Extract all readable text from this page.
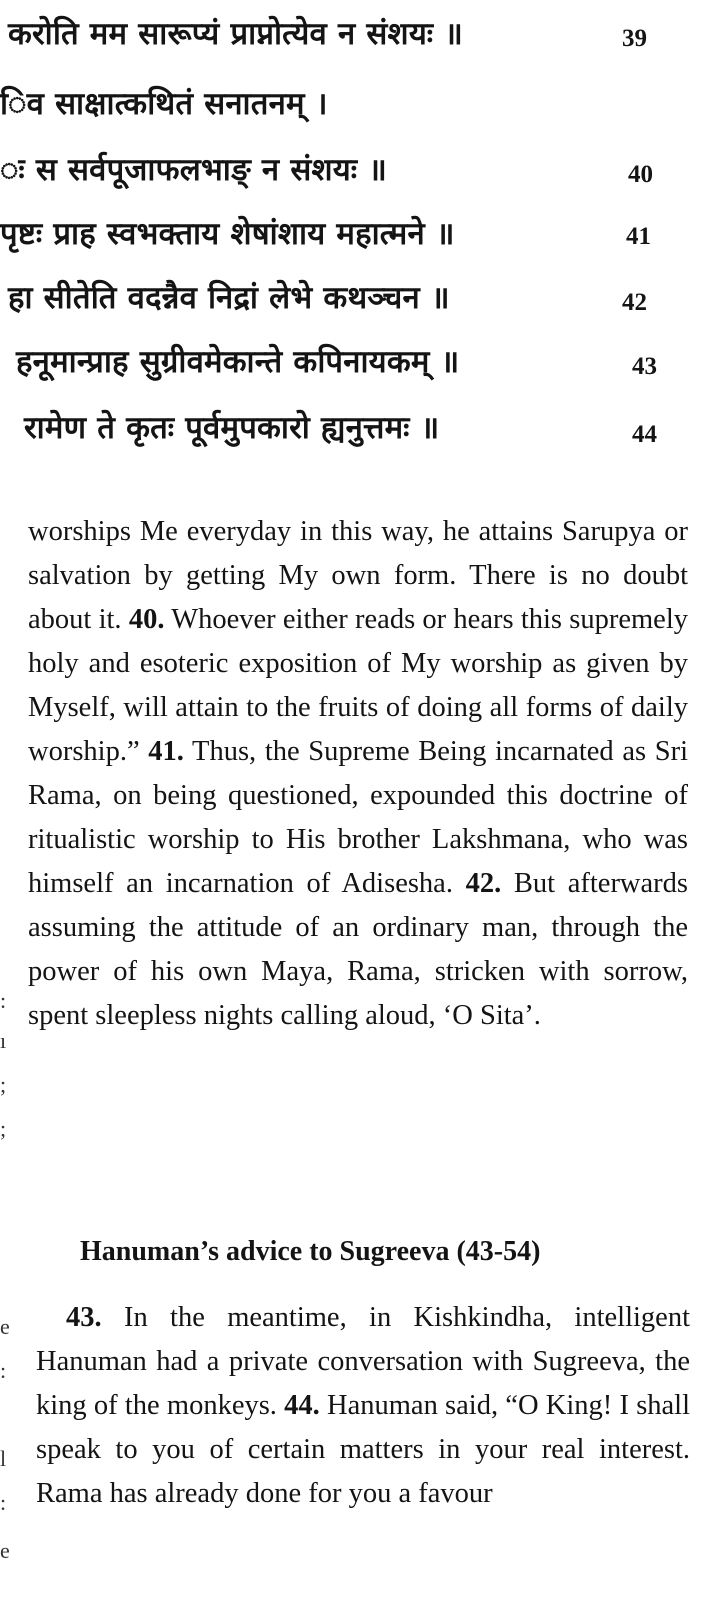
करोति मम सारूप्यं प्राप्नोत्येव न संशयः ॥	39
िव साक्षात्कथितं सनातनम् ।
ः स सर्वपूजाफलभाङ् न संशयः ॥	40
पृष्टः प्राह स्वभक्ताय शेषांशाय महात्मने ॥	41
हा सीतेति वदन्नैव निद्रां लेभे कथञ्चन ॥	42
हनूमान्प्राह सुग्रीवमेकान्ते कपिनायकम् ॥	43
रामेण ते कृतः पूर्वमुपकारो ह्यनुत्तमः ॥	44
worships Me everyday in this way, he attains Sarupya or salvation by getting My own form. There is no doubt about it. 40. Whoever either reads or hears this supremely holy and esoteric exposition of My worship as given by Myself, will attain to the fruits of doing all forms of daily worship.” 41. Thus, the Supreme Being incarnated as Sri Rama, on being questioned, expounded this doctrine of ritualistic worship to His brother Lakshmana, who was himself an incarnation of Adisesha. 42. But afterwards assuming the attitude of an ordinary man, through the power of his own Maya, Rama, stricken with sorrow, spent sleepless nights calling aloud, ‘O Sita’.
Hanuman’s advice to Sugreeva (43-54)
43. In the meantime, in Kishkindha, intelligent Hanuman had a private conversation with Sugreeva, the king of the monkeys. 44. Hanuman said, “O King! I shall speak to you of certain matters in your real interest. Rama has already done for you a favour
:
ı
;
;
e
:
l
:
e
